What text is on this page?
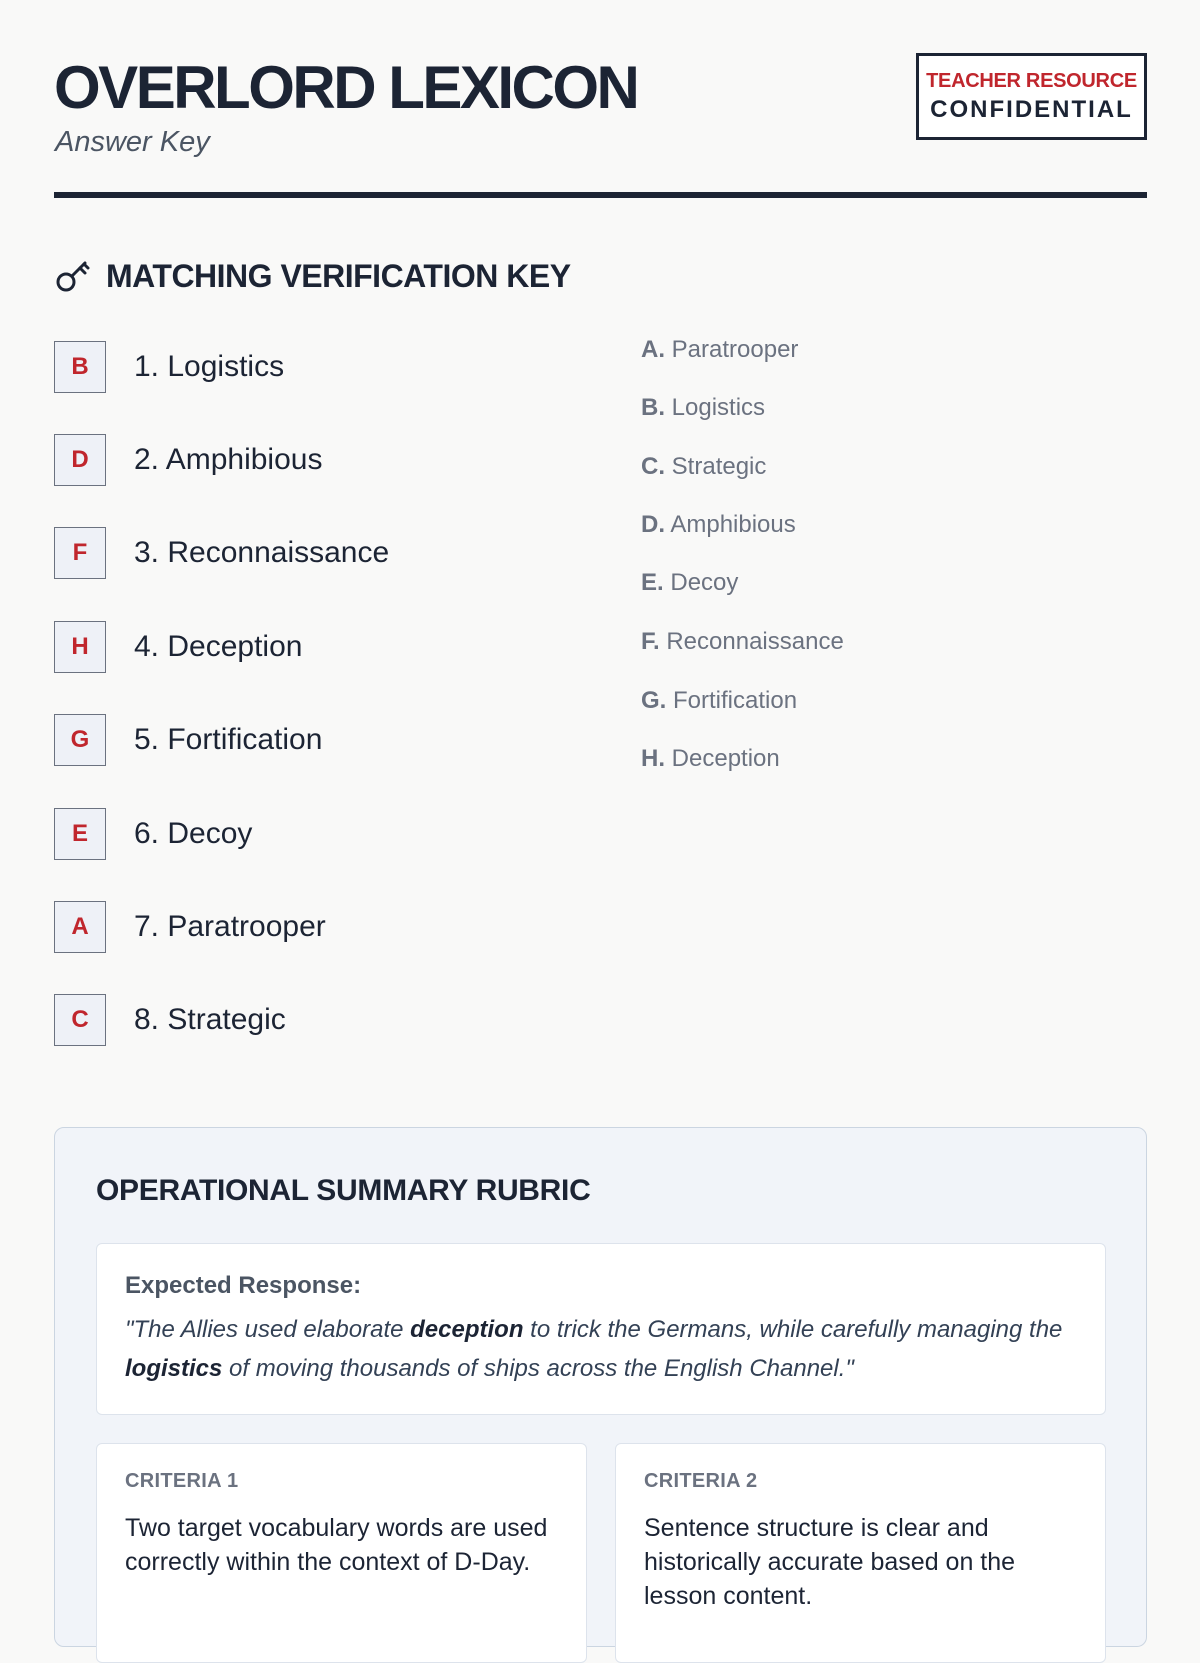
OVERLORD LEXICON
Answer Key
TEACHER RESOURCE
CONFIDENTIAL
MATCHING VERIFICATION KEY
B	1. Logistics
D	2. Amphibious
F	3. Reconnaissance
H	4. Deception
G	5. Fortification
E	6. Decoy
A	7. Paratrooper
C	8. Strategic
A. Paratrooper
B. Logistics
C. Strategic
D. Amphibious
E. Decoy
F. Reconnaissance
G. Fortification
H. Deception
OPERATIONAL SUMMARY RUBRIC
Expected Response:
"The Allies used elaborate deception to trick the Germans, while carefully managing the logistics of moving thousands of ships across the English Channel."
CRITERIA 1
Two target vocabulary words are used correctly within the context of D-Day.
CRITERIA 2
Sentence structure is clear and historically accurate based on the lesson content.
